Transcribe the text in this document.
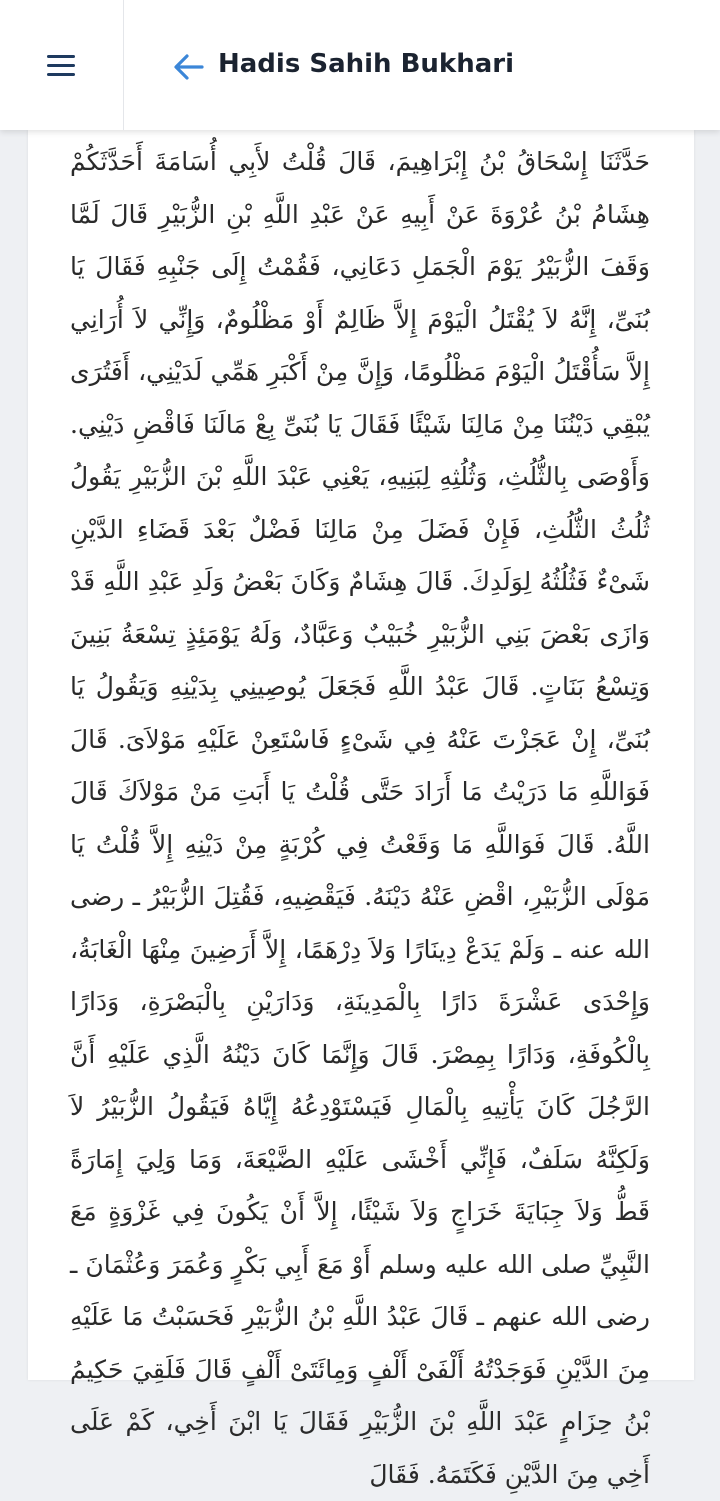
Hadis Sahih Bukhari

حَدَّثَنَا إِسْحَاقُ بْنُ إِبْرَاهِيمَ، قَالَ قُلْتُ لأَبِي أُسَامَةَ أَحَدَّثَكُمْ هِشَامُ بْنُ عُرْوَةَ عَنْ أَبِيهِ عَنْ عَبْدِ اللَّهِ بْنِ الزُّبَيْرِ قَالَ لَمَّا وَقَفَ الزُّبَيْرُ يَوْمَ الْجَمَلِ دَعَانِي، فَقُمْتُ إِلَى جَنْبِهِ فَقَالَ يَا بُنَىِّ، إِنَّهُ لاَ يُقْتَلُ الْيَوْمَ إِلاَّ ظَالِمٌ أَوْ مَظْلُومٌ، وَإِنِّي لاَ أُرَانِي إِلاَّ سَأُقْتَلُ الْيَوْمَ مَظْلُومًا، وَإِنَّ مِنْ أَكْبَرِ هَمِّي لَدَيْنِي، أَفَتُرَى يُبْقِي دَيْنُنَا مِنْ مَالِنَا شَيْئًا فَقَالَ يَا بُنَىِّ بِعْ مَالَنَا فَاقْضِ دَيْنِي. وَأَوْصَى بِالثُّلُثِ، وَثُلُثِهِ لِبَنِيهِ، يَعْنِي عَبْدَ اللَّهِ بْنَ الزُّبَيْرِ يَقُولُ ثُلُثُ الثُّلُثِ، فَإِنْ فَضَلَ مِنْ مَالِنَا فَضْلٌ بَعْدَ قَضَاءِ الدَّيْنِ شَىْءٌ فَثُلُثُهُ لِوَلَدِكَ. قَالَ هِشَامٌ وَكَانَ بَعْضُ وَلَدِ عَبْدِ اللَّهِ قَدْ وَازَى بَعْضَ بَنِي الزُّبَيْرِ خُبَيْبٌ وَعَبَّادٌ، وَلَهُ يَوْمَئِذٍ تِسْعَةُ بَنِينَ وَتِسْعُ بَنَاتٍ. قَالَ عَبْدُ اللَّهِ فَجَعَلَ يُوصِينِي بِدَيْنِهِ وَيَقُولُ يَا بُنَىِّ، إِنْ عَجَزْتَ عَنْهُ فِي شَىْءٍ فَاسْتَعِنْ عَلَيْهِ مَوْلاَىَ. قَالَ فَوَاللَّهِ مَا دَرَيْتُ مَا أَرَادَ حَتَّى قُلْتُ يَا أَبَتِ مَنْ مَوْلاَكَ قَالَ اللَّهُ. قَالَ فَوَاللَّهِ مَا وَقَعْتُ فِي كُرْبَةٍ مِنْ دَيْنِهِ إِلاَّ قُلْتُ يَا مَوْلَى الزُّبَيْرِ، اقْضِ عَنْهُ دَيْنَهُ. فَيَقْضِيهِ، فَقُتِلَ الزُّبَيْرُ ـ رضى الله عنه ـ وَلَمْ يَدَعْ دِينَارًا وَلاَ دِرْهَمًا، إِلاَّ أَرَضِينَ مِنْهَا الْغَابَةُ، وَإِحْدَى عَشْرَةَ دَارًا بِالْمَدِينَةِ، وَدَارَيْنِ بِالْبَصْرَةِ، وَدَارًا بِالْكُوفَةِ، وَدَارًا بِمِصْرَ. قَالَ وَإِنَّمَا كَانَ دَيْنُهُ الَّذِي عَلَيْهِ أَنَّ الرَّجُلَ كَانَ يَأْتِيهِ بِالْمَالِ فَيَسْتَوْدِعُهُ إِيَّاهُ فَيَقُولُ الزُّبَيْرُ لاَ وَلَكِنَّهُ سَلَفٌ، فَإِنِّي أَخْشَى عَلَيْهِ الضَّيْعَةَ، وَمَا وَلِيَ إِمَارَةً قَطُّ وَلاَ جِبَايَةَ خَرَاجٍ وَلاَ شَيْئًا، إِلاَّ أَنْ يَكُونَ فِي غَزْوَةٍ مَعَ النَّبِيِّ صلى الله عليه وسلم أَوْ مَعَ أَبِي بَكْرٍ وَعُمَرَ وَعُثْمَانَ ـ رضى الله عنهم ـ قَالَ عَبْدُ اللَّهِ بْنُ الزُّبَيْرِ فَحَسَبْتُ مَا عَلَيْهِ مِنَ الدَّيْنِ فَوَجَدْتُهُ أَلْفَىْ أَلْفٍ وَمِائَتَىْ أَلْفٍ قَالَ فَلَقِيَ حَكِيمُ بْنُ حِزَامٍ عَبْدَ اللَّهِ بْنَ الزُّبَيْرِ فَقَالَ يَا ابْنَ أَخِي، كَمْ عَلَى أَخِي مِنَ الدَّيْنِ فَكَتَمَهُ. فَقَالَ
